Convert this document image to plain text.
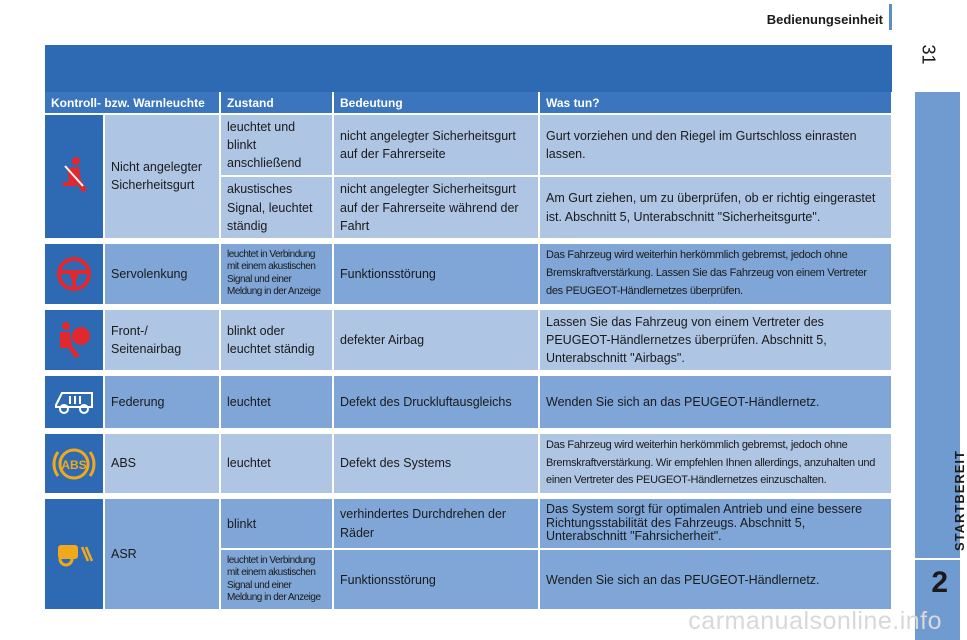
Bedienungseinheit
31
STARTBEREIT
2
Kontroll- bzw. Warnleuchte		Zustand	Bedeutung	Was tun?

	Nicht angelegter Sicherheitsgurt	leuchtet und blinkt anschließend	nicht angelegter Sicherheitsgurt auf der Fahrerseite	Gurt vorziehen und den Riegel im Gurtschloss einrasten lassen.
		akustisches Signal, leuchtet ständig	nicht angelegter Sicherheitsgurt auf der Fahrerseite während der Fahrt	Am Gurt ziehen, um zu überprüfen, ob er richtig eingerastet ist. Abschnitt 5, Unterabschnitt "Sicherheitsgurte".

	Servolenkung	leuchtet in Verbindung mit einem akustischen Signal und einer Meldung in der Anzeige	Funktionsstörung	Das Fahrzeug wird weiterhin herkömmlich gebremst, jedoch ohne Bremskraftverstärkung. Lassen Sie das Fahrzeug von einem Vertreter des PEUGEOT-Händlernetzes überprüfen.

	Front-/ Seitenairbag	blinkt oder leuchtet ständig	defekter Airbag	Lassen Sie das Fahrzeug von einem Vertreter des PEUGEOT-Händlernetzes überprüfen. Abschnitt 5, Unterabschnitt "Airbags".

	Federung	leuchtet	Defekt des Druckluftausgleichs	Wenden Sie sich an das PEUGEOT-Händlernetz.

ABS	ABS	leuchtet	Defekt des Systems	Das Fahrzeug wird weiterhin herkömmlich gebremst, jedoch ohne Bremskraftverstärkung. Wir empfehlen Ihnen allerdings, anzuhalten und einen Vertreter des PEUGEOT-Händlernetzes einzuschalten.

	ASR	blinkt	verhindertes Durchdrehen der Räder	Das System sorgt für optimalen Antrieb und eine bessere Richtungsstabilität des Fahrzeugs. Abschnitt 5, Unterabschnitt "Fahrsicherheit".
		leuchtet in Verbindung mit einem akustischen Signal und einer Meldung in der Anzeige	Funktionsstörung	Wenden Sie sich an das PEUGEOT-Händlernetz.
carmanualsonline.info
